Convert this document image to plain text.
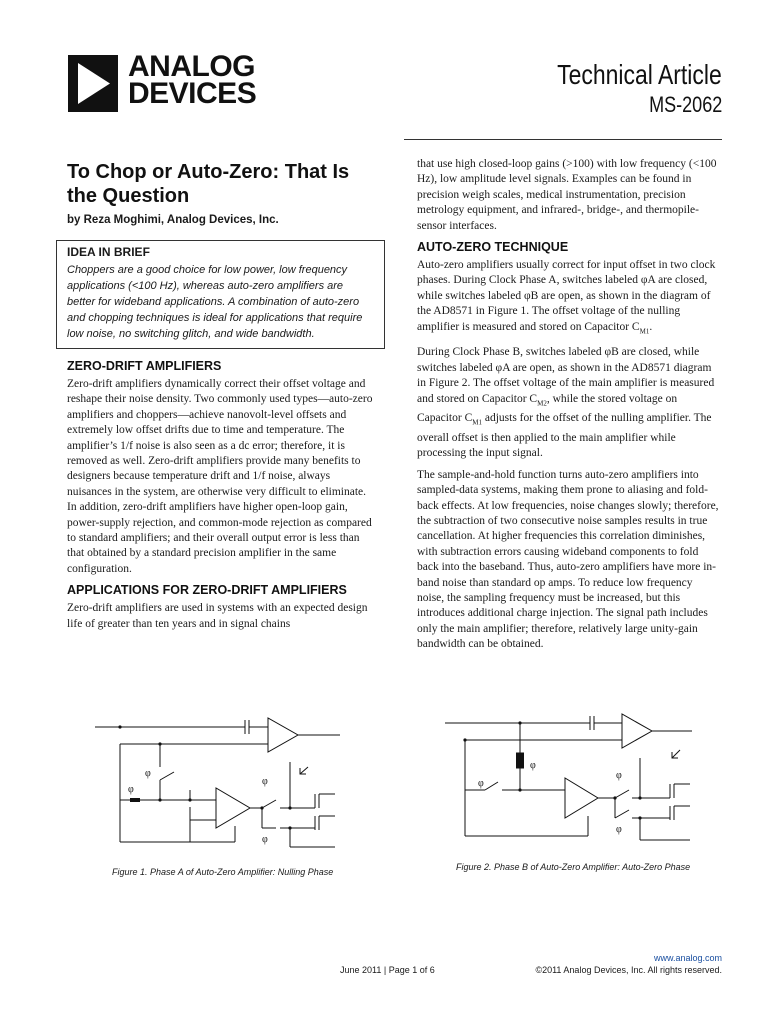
ANALOG
DEVICES
Technical Article
MS-2062
To Chop or Auto-Zero: That Is
the Question
by Reza Moghimi, Analog Devices, Inc.
IDEA IN BRIEF

Choppers are a good choice for low power, low frequency applications (<100 Hz), whereas auto-zero amplifiers are better for wideband applications. A combination of auto-zero and chopping techniques is ideal for applications that require low noise, no switching glitch, and wide bandwidth.

ZERO-DRIFT AMPLIFIERS

Zero-drift amplifiers dynamically correct their offset voltage and reshape their noise density. Two commonly used types—auto-zero amplifiers and choppers—achieve nanovolt-level offsets and extremely low offset drifts due to time and temperature. The amplifier’s 1/f noise is also seen as a dc error; therefore, it is removed as well. Zero-drift amplifiers provide many benefits to designers because temperature drift and 1/f noise, always nuisances in the system, are otherwise very difficult to eliminate. In addition, zero-drift amplifiers have higher open-loop gain, power-supply rejection, and common-mode rejection as compared to standard amplifiers; and their overall output error is less than that obtained by a standard precision amplifier in the same configuration.

APPLICATIONS FOR ZERO-DRIFT AMPLIFIERS

Zero-drift amplifiers are used in systems with an expected design life of greater than ten years and in signal chains

that use high closed-loop gains (>100) with low frequency (<100 Hz), low amplitude level signals. Examples can be found in precision weigh scales, medical instrumentation, precision metrology equipment, and infrared-, bridge-, and thermopile-sensor interfaces.

AUTO-ZERO TECHNIQUE

Auto-zero amplifiers usually correct for input offset in two clock phases. During Clock Phase A, switches labeled φA are closed, while switches labeled φB are open, as shown in the diagram of the AD8571 in Figure 1. The offset voltage of the nulling amplifier is measured and stored on Capacitor $C_{M1}$.

During Clock Phase B, switches labeled φB are closed, while switches labeled φA are open, as shown in the AD8571 diagram in Figure 2. The offset voltage of the main amplifier is measured and stored on Capacitor $C_{M2}$, while the stored voltage on Capacitor $C_{M1}$ adjusts for the offset of the nulling amplifier. The overall offset is then applied to the main amplifier while processing the input signal.

The sample-and-hold function turns auto-zero amplifiers into sampled-data systems, making them prone to aliasing and fold-back effects. At low frequencies, noise changes slowly; therefore, the subtraction of two consecutive noise samples results in true cancellation. At higher frequencies this correlation diminishes, with subtraction errors causing wideband components to fold back into the baseband. Thus, auto-zero amplifiers have more in-band noise than standard op amps. To reduce low frequency noise, the sampling frequency must be increased, but this introduces additional charge injection. The signal path includes only the main amplifier; therefore, relatively large unity-gain bandwidth can be obtained.

φ
φ
φ
φ
Figure 1. Phase A of Auto-Zero Amplifier: Nulling Phase
φ
φ
φ
φ
Figure 2. Phase B of Auto-Zero Amplifier: Auto-Zero Phase
June 2011 | Page 1 of 6
www.analog.com
©2011 Analog Devices, Inc. All rights reserved.
